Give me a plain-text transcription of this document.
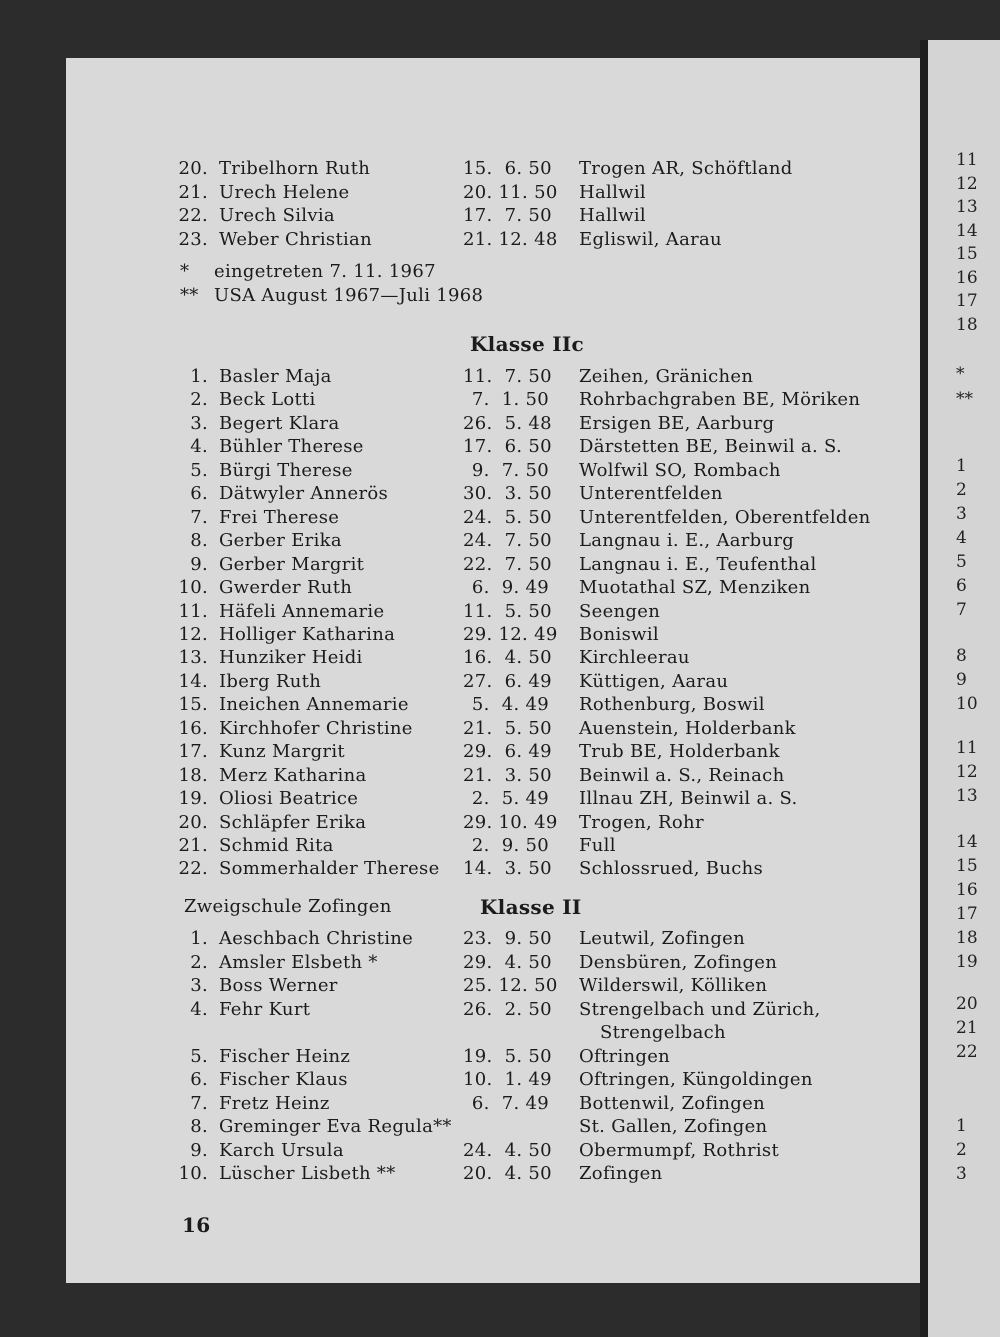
11
12
13
14
15
16
17
18
*
**
1
2
3
4
5
6
7
8
9
10
11
12
13
14
15
16
17
18
19
20
21
22
1
2
3
20. Tribelhorn Ruth	15.  6. 50 Trogen AR, Schöftland
21. Urech Helene	20. 11. 50 Hallwil
22. Urech Silvia	17.  7. 50 Hallwil
23. Weber Christian	21. 12. 48 Egliswil, Aarau
* eingetreten 7. 11. 1967
** USA August 1967—Juli 1968
Klasse IIc
1. Basler Maja	11.  7. 50 Zeihen, Gränichen
2. Beck Lotti	7.  1. 50 Rohrbachgraben BE, Möriken
3. Begert Klara	26.  5. 48 Ersigen BE, Aarburg
4. Bühler Therese	17.  6. 50 Därstetten BE, Beinwil a. S.
5. Bürgi Therese	9.  7. 50 Wolfwil SO, Rombach
6. Dätwyler Annerös	30.  3. 50 Unterentfelden
7. Frei Therese	24.  5. 50 Unterentfelden, Oberentfelden
8. Gerber Erika	24.  7. 50 Langnau i. E., Aarburg
9. Gerber Margrit	22.  7. 50 Langnau i. E., Teufenthal
10. Gwerder Ruth	6.  9. 49 Muotathal SZ, Menziken
11. Häfeli Annemarie	11.  5. 50 Seengen
12. Holliger Katharina	29. 12. 49 Boniswil
13. Hunziker Heidi	16.  4. 50 Kirchleerau
14. Iberg Ruth	27.  6. 49 Küttigen, Aarau
15. Ineichen Annemarie	5.  4. 49 Rothenburg, Boswil
16. Kirchhofer Christine	21.  5. 50 Auenstein, Holderbank
17. Kunz Margrit	29.  6. 49 Trub BE, Holderbank
18. Merz Katharina	21.  3. 50 Beinwil a. S., Reinach
19. Oliosi Beatrice	2.  5. 49 Illnau ZH, Beinwil a. S.
20. Schläpfer Erika	29. 10. 49 Trogen, Rohr
21. Schmid Rita	2.  9. 50 Full
22. Sommerhalder Therese 14.  3. 50 Schlossrued, Buchs
Zweigschule Zofingen	Klasse II
1. Aeschbach Christine	23.  9. 50 Leutwil, Zofingen
2. Amsler Elsbeth *	29.  4. 50 Densbüren, Zofingen
3. Boss Werner	25. 12. 50 Wilderswil, Kölliken
4. Fehr Kurt	26.  2. 50 Strengelbach und Zürich,
Strengelbach
5. Fischer Heinz	19.  5. 50 Oftringen
6. Fischer Klaus	10.  1. 49 Oftringen, Küngoldingen
7. Fretz Heinz	6.  7. 49 Bottenwil, Zofingen
8. Greminger Eva Regula**	St. Gallen, Zofingen
9. Karch Ursula	24.  4. 50 Obermumpf, Rothrist
10. Lüscher Lisbeth **	20.  4. 50 Zofingen
16
